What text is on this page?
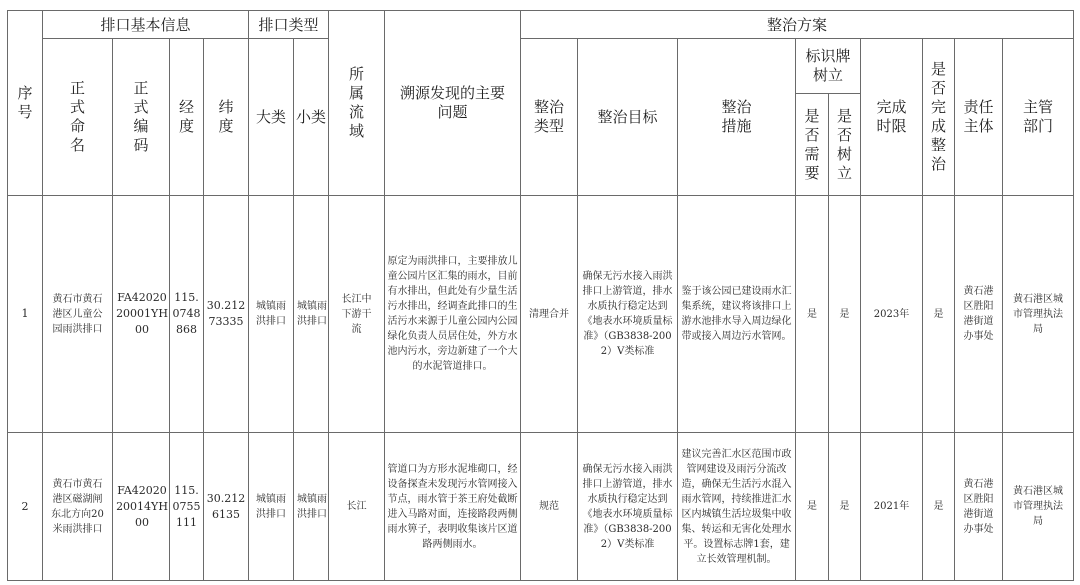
序号	排口基本信息				排口类型		所属流域	溯源发现的主要问题	整治方案								
	正式命名	正式编码	经度	纬度	大类	小类			整治类型	整治目标	整治措施	标识牌树立		完成时限	是否完成整治	责任主体	主管部门
												是否需要	是否树立				
1	黄石市黄石港区儿童公园雨洪排口	FA4202020001YH00	115.0748868	30.21273335	城镇雨洪排口	城镇雨洪排口	长江中下游干流	原定为雨洪排口，主要排放儿童公园片区汇集的雨水，目前有水排出，但此处有少量生活污水排出，经调查此排口的生活污水来源于儿童公园内公园绿化负责人员居住处，外方水池内污水，旁边新建了一个大的水泥管道排口。	清理合并	确保无污水接入雨洪排口上游管道，排水水质执行稳定达到《地表水环境质量标准》（GB3838-2002）V类标准	鉴于该公园已建设雨水汇集系统，建议将该排口上游水池排水导入周边绿化带或接入周边污水管网。	是	是	2023年	是	黄石港区胜阳港街道办事处	黄石港区城市管理执法局
2	黄石市黄石港区磁湖闸东北方向20米雨洪排口	FA4202020014YH00	115.0755111	30.2126135	城镇雨洪排口	城镇雨洪排口	长江	管道口为方形水泥堆砌口，经设备探查未发现污水管网接入节点，雨水管于茶王府处截断进入马路对面，连接路段两侧雨水箅子，表明收集该片区道路两侧雨水。	规范	确保无污水接入雨洪排口上游管道，排水水质执行稳定达到《地表水环境质量标准》（GB3838-2002）V类标准	建议完善汇水区范围市政管网建设及雨污分流改造，确保无生活污水混入雨水管网，持续推进汇水区内城镇生活垃圾集中收集、转运和无害化处理水平。设置标志牌1套，建立长效管理机制。	是	是	2021年	是	黄石港区胜阳港街道办事处	黄石港区城市管理执法局
